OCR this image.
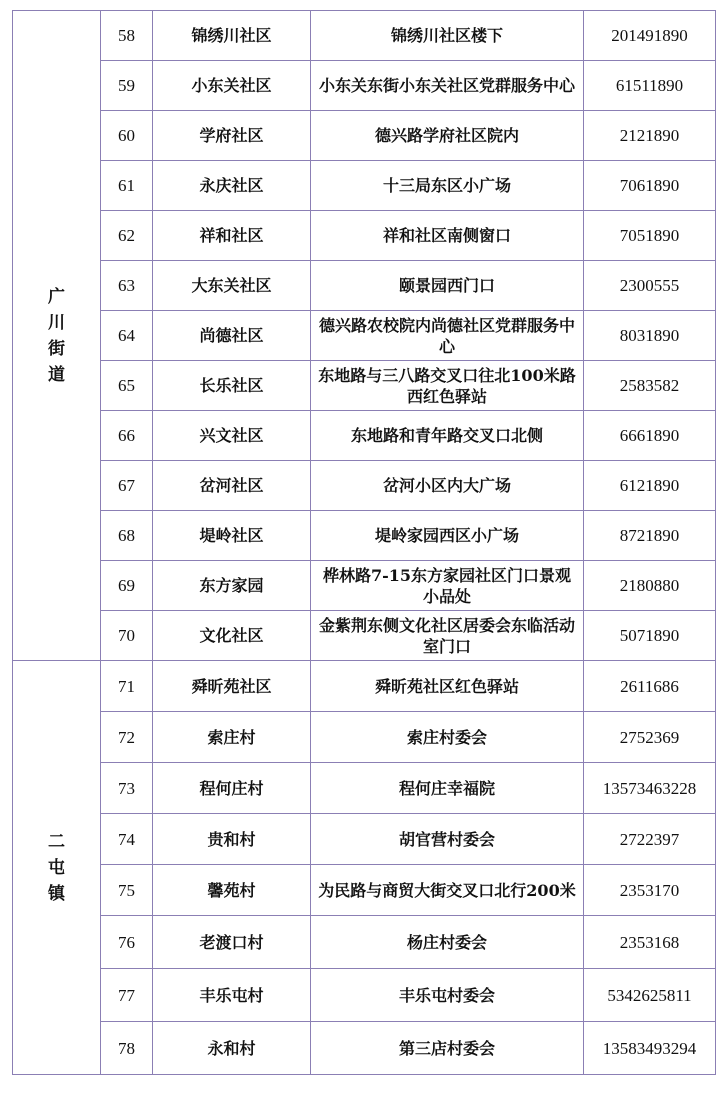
广川街道	58	锦绣川社区	锦绣川社区楼下	201491890
	59	小东关社区	小东关东街小东关社区党群服务中心	61511890
	60	学府社区	德兴路学府社区院内	2121890
	61	永庆社区	十三局东区小广场	7061890
	62	祥和社区	祥和社区南侧窗口	7051890
	63	大东关社区	颐景园西门口	2300555
	64	尚德社区	德兴路农校院内尚德社区党群服务中心	8031890
	65	长乐社区	东地路与三八路交叉口往北100米路西红色驿站	2583582
	66	兴文社区	东地路和青年路交叉口北侧	6661890
	67	岔河社区	岔河小区内大广场	6121890
	68	堤岭社区	堤岭家园西区小广场	8721890
	69	东方家园	桦林路7-15东方家园社区门口景观小品处	2180880
	70	文化社区	金紫荆东侧文化社区居委会东临活动室门口	5071890
二屯镇	71	舜昕苑社区	舜昕苑社区红色驿站	2611686
	72	索庄村	索庄村委会	2752369
	73	程何庄村	程何庄幸福院	13573463228
	74	贵和村	胡官营村委会	2722397
	75	馨苑村	为民路与商贸大街交叉口北行200米	2353170
	76	老渡口村	杨庄村委会	2353168
	77	丰乐屯村	丰乐屯村委会	5342625811
	78	永和村	第三店村委会	13583493294
